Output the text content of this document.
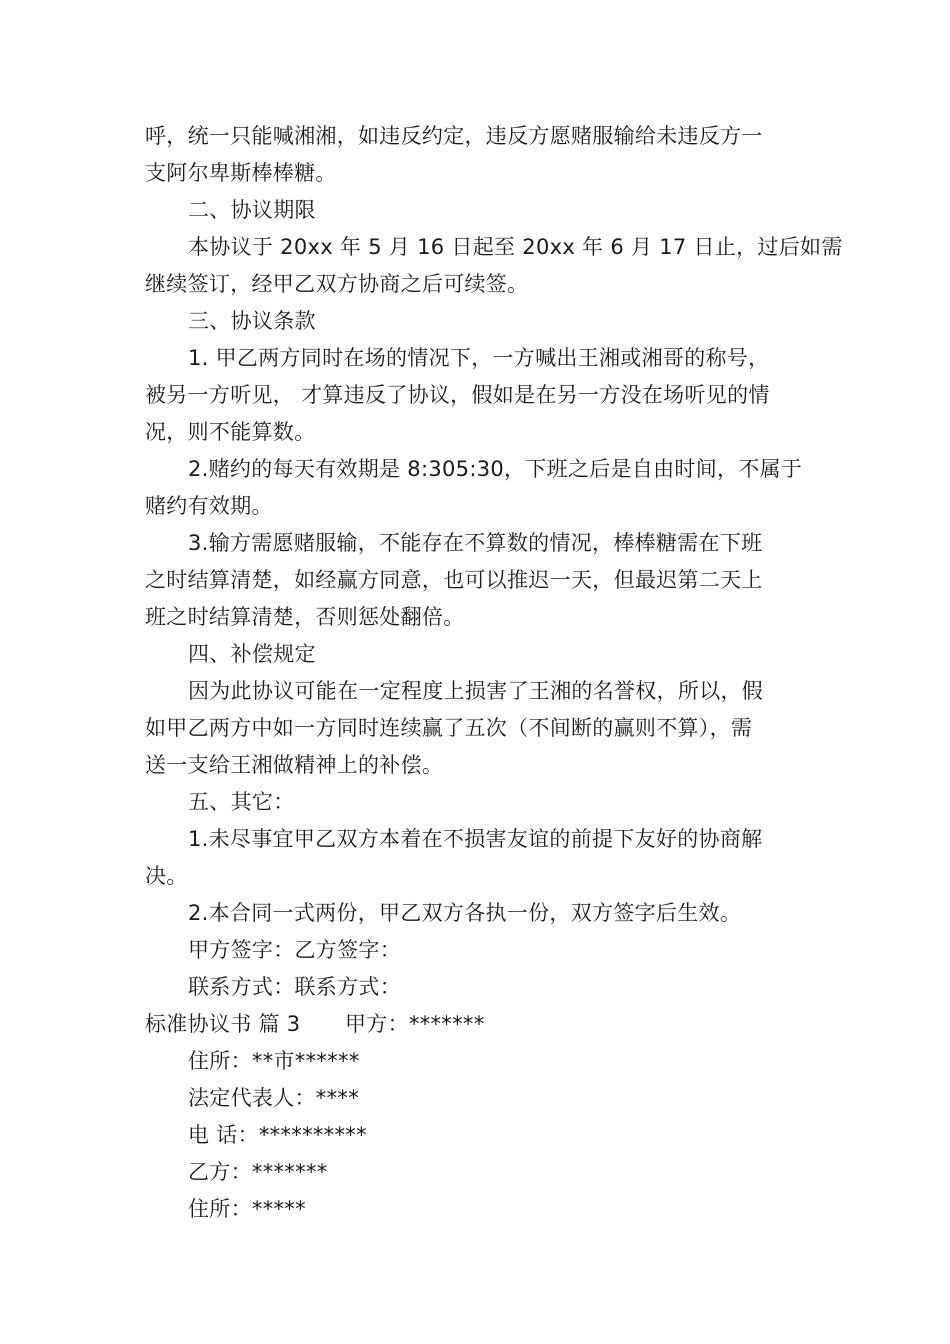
呼，统一只能喊湘湘，如违反约定，违反方愿赌服输给未违反方一
支阿尔卑斯棒棒糖。
二、协议期限
本协议于 20xx 年 5 月 16 日起至 20xx 年 6 月 17 日止，过后如需
继续签订，经甲乙双方协商之后可续签。
三、协议条款
1. 甲乙两方同时在场的情况下，一方喊出王湘或湘哥的称号，
被另一方听见， 才算违反了协议，假如是在另一方没在场听见的情
况，则不能算数。
2.赌约的每天有效期是 8:305:30，下班之后是自由时间，不属于
赌约有效期。
3.输方需愿赌服输，不能存在不算数的情况，棒棒糖需在下班
之时结算清楚，如经赢方同意，也可以推迟一天，但最迟第二天上
班之时结算清楚，否则惩处翻倍。
四、补偿规定
因为此协议可能在一定程度上损害了王湘的名誉权，所以，假
如甲乙两方中如一方同时连续赢了五次（不间断的赢则不算），需
送一支给王湘做精神上的补偿。
五、其它：
1.未尽事宜甲乙双方本着在不损害友谊的前提下友好的协商解
决。
2.本合同一式两份，甲乙双方各执一份，双方签字后生效。
甲方签字：乙方签字：
联系方式：联系方式：
标准协议书 篇 3 甲方：*******
住所：**市******
法定代表人：****
电 话：**********
乙方：*******
住所：*****
